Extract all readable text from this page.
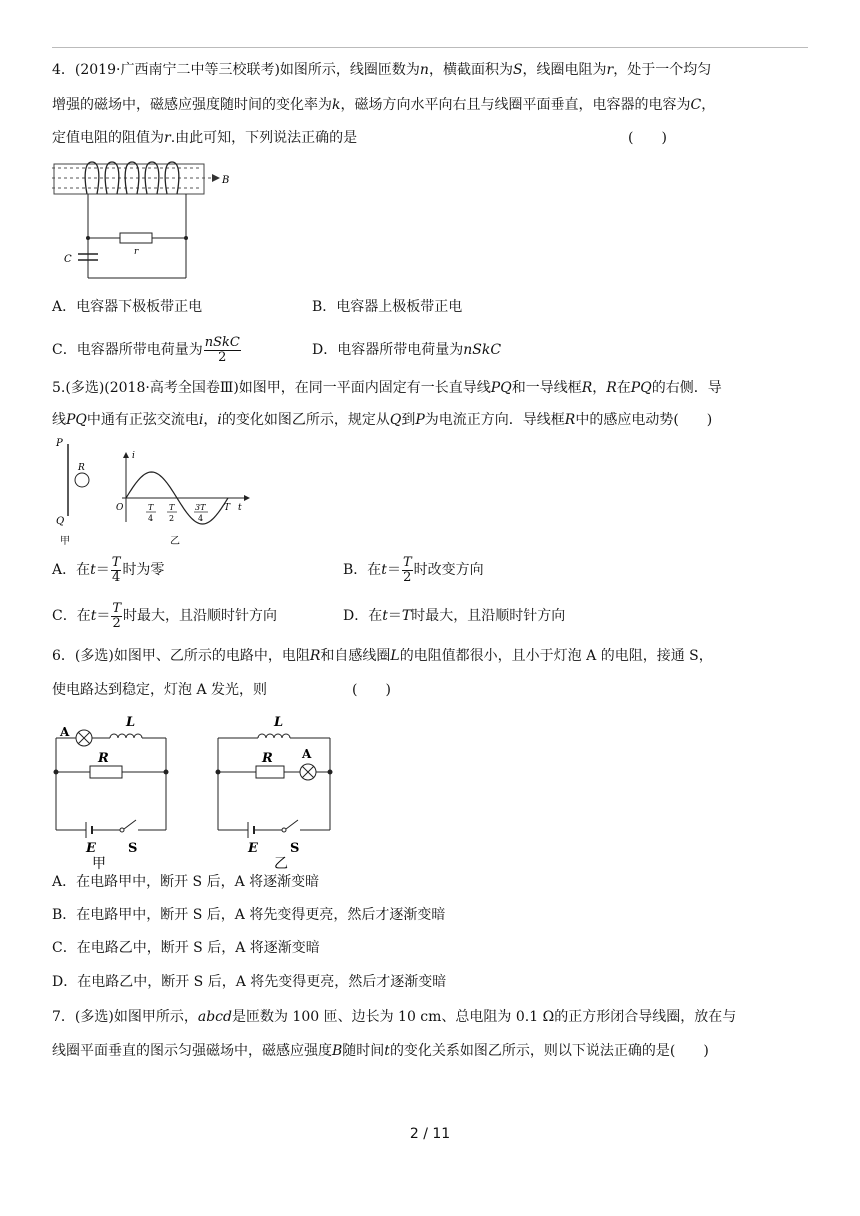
4．(2019·广西南宁二中等三校联考)如图所示，线圈匝数为n，横截面积为S，线圈电阻为r，处于一个均匀
增强的磁场中，磁感应强度随时间的变化率为k，磁场方向水平向右且与线圈平面垂直，电容器的电容为C，
定值电阻的阻值为r.由此可知，下列说法正确的是	(　　)
B
r
C
A．电容器下极板带正电	B．电容器上极板带正电
C．电容器所带电荷量为 $\frac{\text{nSkC}}{2}$	D．电容器所带电荷量为nSkC
5.(多选)(2018·高考全国卷Ⅲ)如图甲，在同一平面内固定有一长直导线PQ和一导线框R，R在PQ的右侧．导
线PQ中通有正弦交流电i，i的变化如图乙所示，规定从Q到P为电流正方向．导线框R中的感应电动势(　　)
P
Q
R
甲
i
O	t
T
4
T
2
3T
4
T
乙
A．在$t= \frac{T}{4}$ 时为零	B．在$t= \frac{T}{2}$ 时改变方向
C．在$t= \frac{T}{2}$ 时最大，且沿顺时针方向	D．在t＝T时最大，且沿顺时针方向
6．(多选)如图甲、乙所示的电路中，电阻R和自感线圈L的电阻值都很小，且小于灯泡 A 的电阻，接通 S，
使电路达到稳定，灯泡 A 发光，则	(　　)
A
L
R
E S
甲
L
R A
E S
乙
A．在电路甲中，断开 S 后，A 将逐渐变暗
B．在电路甲中，断开 S 后，A 将先变得更亮，然后才逐渐变暗
C．在电路乙中，断开 S 后，A 将逐渐变暗
D．在电路乙中，断开 S 后，A 将先变得更亮，然后才逐渐变暗
7．(多选)如图甲所示，abcd是匝数为 100 匝、边长为 10 cm、总电阻为 0.1 Ω的正方形闭合导线圈，放在与
线圈平面垂直的图示匀强磁场中，磁感应强度B随时间t的变化关系如图乙所示，则以下说法正确的是(　　)
2 / 11
